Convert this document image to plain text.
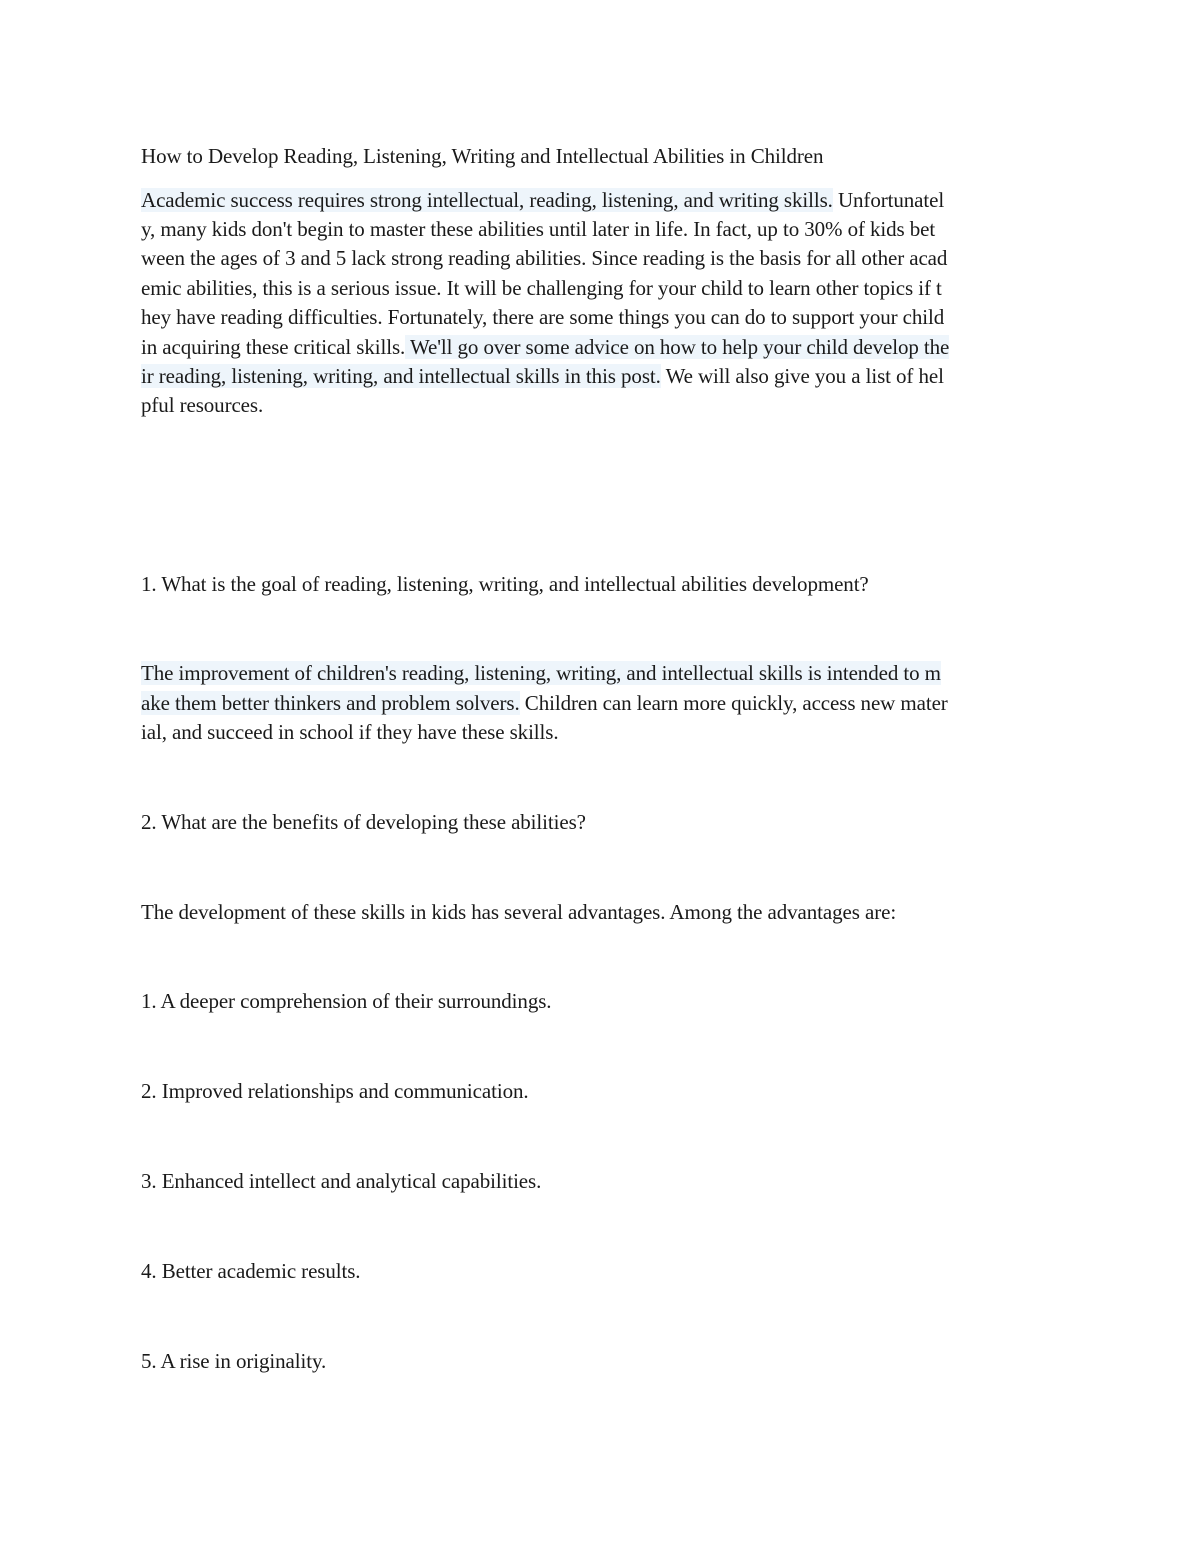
How to Develop Reading, Listening, Writing and Intellectual Abilities in Children
Academic success requires strong intellectual, reading, listening, and writing skills. Unfortunatel
y, many kids don't begin to master these abilities until later in life. In fact, up to 30% of kids bet
ween the ages of 3 and 5 lack strong reading abilities. Since reading is the basis for all other acad
emic abilities, this is a serious issue. It will be challenging for your child to learn other topics if t
hey have reading difficulties. Fortunately, there are some things you can do to support your child
in acquiring these critical skills. We'll go over some advice on how to help your child develop the
ir reading, listening, writing, and intellectual skills in this post. We will also give you a list of hel
pful resources.
1. What is the goal of reading, listening, writing, and intellectual abilities development?
The improvement of children's reading, listening, writing, and intellectual skills is intended to m
ake them better thinkers and problem solvers. Children can learn more quickly, access new mater
ial, and succeed in school if they have these skills.
2. What are the benefits of developing these abilities?
The development of these skills in kids has several advantages. Among the advantages are:
1. A deeper comprehension of their surroundings.
2. Improved relationships and communication.
3. Enhanced intellect and analytical capabilities.
4. Better academic results.
5. A rise in originality.
